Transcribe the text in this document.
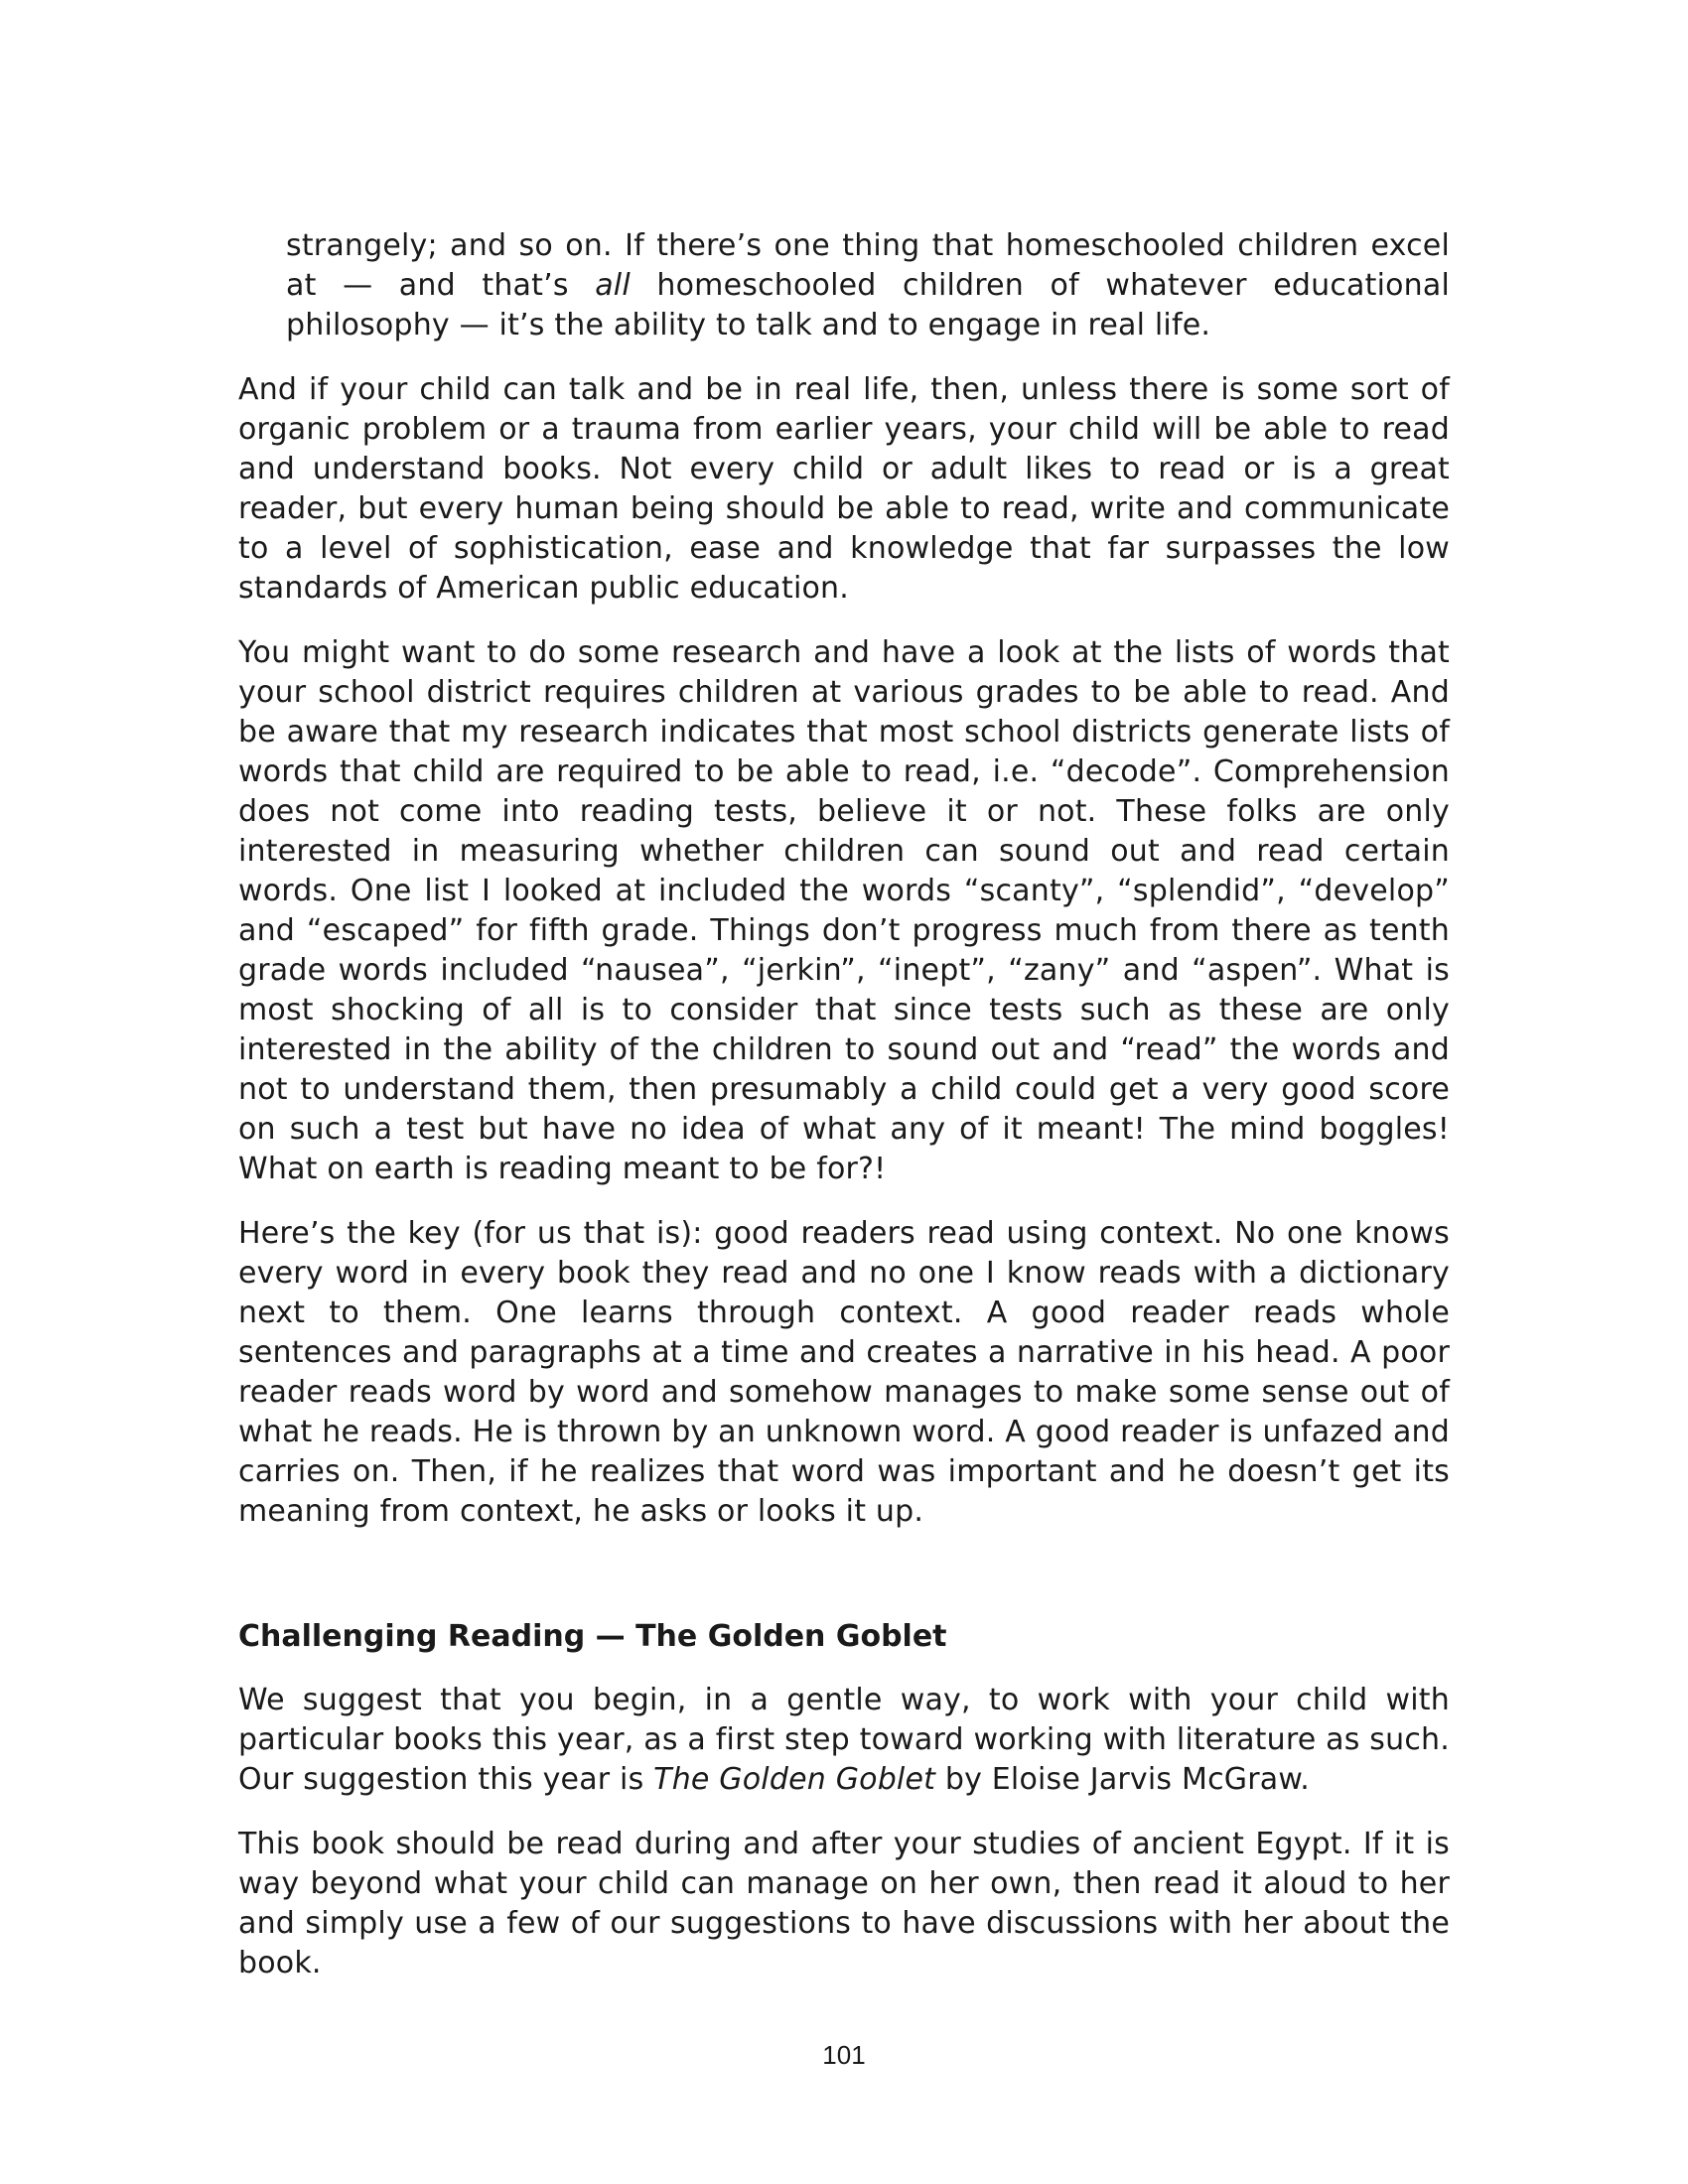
strangely; and so on. If there’s one thing that homeschooled children excel at — and that’s all homeschooled children of whatever educational philosophy — it’s the ability to talk and to engage in real life.

And if your child can talk and be in real life, then, unless there is some sort of organic problem or a trauma from earlier years, your child will be able to read and understand books. Not every child or adult likes to read or is a great reader, but every human being should be able to read, write and communicate to a level of sophistication, ease and knowledge that far surpasses the low standards of American public education.

You might want to do some research and have a look at the lists of words that your school district requires children at various grades to be able to read. And be aware that my research indicates that most school districts generate lists of words that child are required to be able to read, i.e. “decode”. Comprehension does not come into reading tests, believe it or not. These folks are only interested in measuring whether children can sound out and read certain words. One list I looked at included the words “scanty”, “splendid”, “develop” and “escaped” for fifth grade. Things don’t progress much from there as tenth grade words included “nausea”, “jerkin”, “inept”, “zany” and “aspen”. What is most shocking of all is to consider that since tests such as these are only interested in the ability of the children to sound out and “read” the words and not to understand them, then presumably a child could get a very good score on such a test but have no idea of what any of it meant! The mind boggles! What on earth is reading meant to be for?!

Here’s the key (for us that is): good readers read using context. No one knows every word in every book they read and no one I know reads with a dictionary next to them. One learns through context. A good reader reads whole sentences and paragraphs at a time and creates a narrative in his head. A poor reader reads word by word and somehow manages to make some sense out of what he reads. He is thrown by an unknown word. A good reader is unfazed and carries on. Then, if he realizes that word was important and he doesn’t get its meaning from context, he asks or looks it up.

Challenging Reading — The Golden Goblet

We suggest that you begin, in a gentle way, to work with your child with particular books this year, as a first step toward working with literature as such. Our suggestion this year is The Golden Goblet by Eloise Jarvis McGraw.

This book should be read during and after your studies of ancient Egypt. If it is way beyond what your child can manage on her own, then read it aloud to her and simply use a few of our suggestions to have discussions with her about the book.

101
